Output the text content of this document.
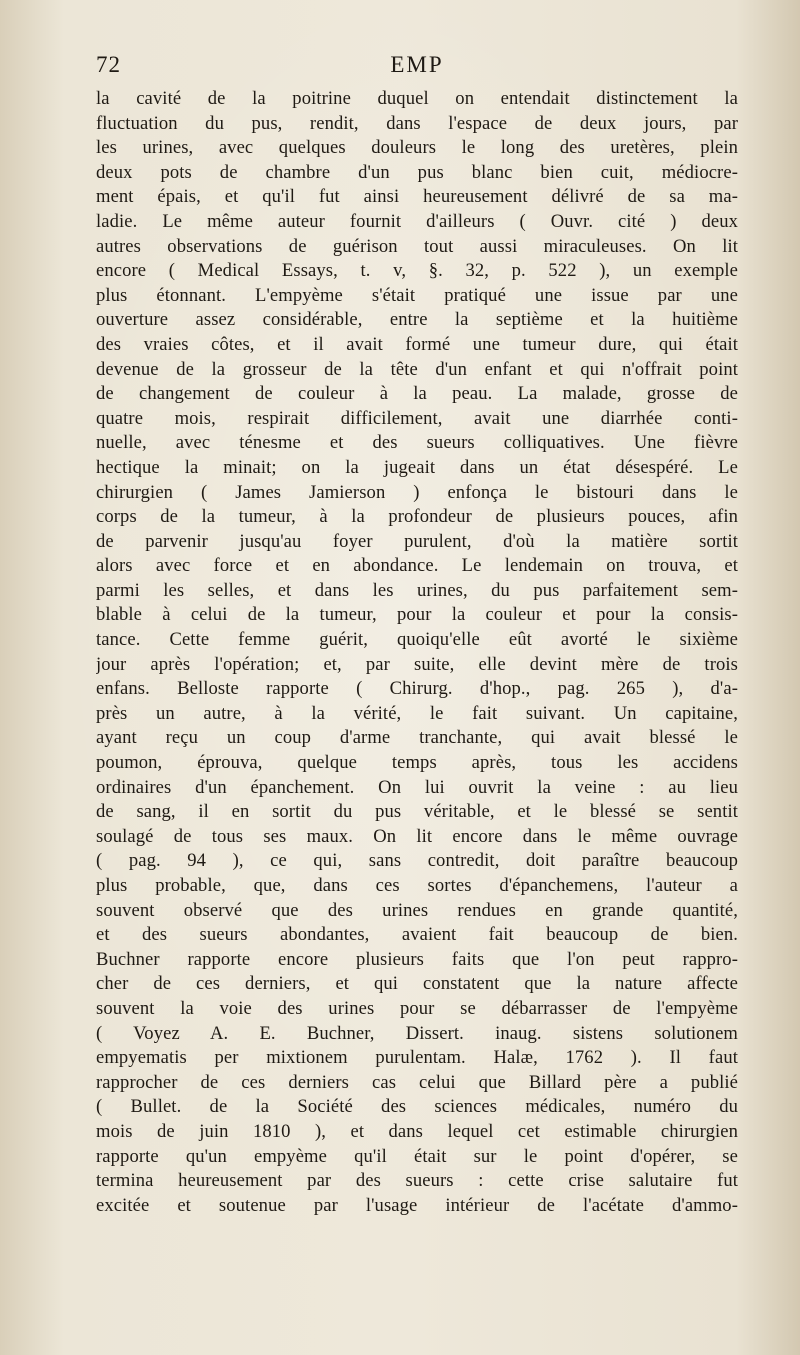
72	EMP
la cavité de la poitrine duquel on entendait distinctement la
fluctuation du pus, rendit, dans l'espace de deux jours, par
les urines, avec quelques douleurs le long des uretères, plein
deux pots de chambre d'un pus blanc bien cuit, médiocre-
ment épais, et qu'il fut ainsi heureusement délivré de sa ma-
ladie. Le même auteur fournit d'ailleurs ( Ouvr. cité ) deux
autres observations de guérison tout aussi miraculeuses. On lit
encore ( Medical Essays, t. v, §. 32, p. 522 ), un exemple
plus étonnant. L'empyème s'était pratiqué une issue par une
ouverture assez considérable, entre la septième et la huitième
des vraies côtes, et il avait formé une tumeur dure, qui était
devenue de la grosseur de la tête d'un enfant et qui n'offrait point
de changement de couleur à la peau. La malade, grosse de
quatre mois, respirait difficilement, avait une diarrhée conti-
nuelle, avec ténesme et des sueurs colliquatives. Une fièvre
hectique la minait; on la jugeait dans un état désespéré. Le
chirurgien ( James Jamierson ) enfonça le bistouri dans le
corps de la tumeur, à la profondeur de plusieurs pouces, afin
de parvenir jusqu'au foyer purulent, d'où la matière sortit
alors avec force et en abondance. Le lendemain on trouva, et
parmi les selles, et dans les urines, du pus parfaitement sem-
blable à celui de la tumeur, pour la couleur et pour la consis-
tance. Cette femme guérit, quoiqu'elle eût avorté le sixième
jour après l'opération; et, par suite, elle devint mère de trois
enfans. Belloste rapporte ( Chirurg. d'hop., pag. 265 ), d'a-
près un autre, à la vérité, le fait suivant. Un capitaine,
ayant reçu un coup d'arme tranchante, qui avait blessé le
poumon, éprouva, quelque temps après, tous les accidens
ordinaires d'un épanchement. On lui ouvrit la veine : au lieu
de sang, il en sortit du pus véritable, et le blessé se sentit
soulagé de tous ses maux. On lit encore dans le même ouvrage
( pag. 94 ), ce qui, sans contredit, doit paraître beaucoup
plus probable, que, dans ces sortes d'épanchemens, l'auteur a
souvent observé que des urines rendues en grande quantité,
et des sueurs abondantes, avaient fait beaucoup de bien.
Buchner rapporte encore plusieurs faits que l'on peut rappro-
cher de ces derniers, et qui constatent que la nature affecte
souvent la voie des urines pour se débarrasser de l'empyème
( Voyez A. E. Buchner, Dissert. inaug. sistens solutionem
empyematis per mixtionem purulentam. Halæ, 1762 ). Il faut
rapprocher de ces derniers cas celui que Billard père a publié
( Bullet. de la Société des sciences médicales, numéro du
mois de juin 1810 ), et dans lequel cet estimable chirurgien
rapporte qu'un empyème qu'il était sur le point d'opérer, se
termina heureusement par des sueurs : cette crise salutaire fut
excitée et soutenue par l'usage intérieur de l'acétate d'ammo-
